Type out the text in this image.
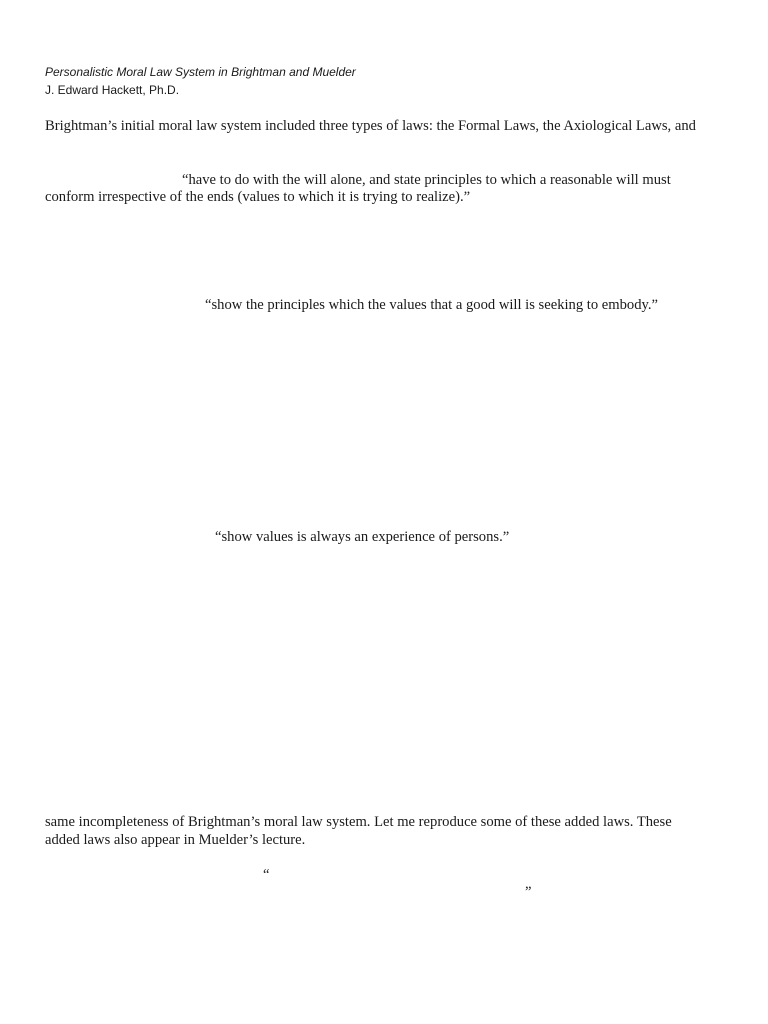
Personalistic Moral Law System in Brightman and Muelder
J. Edward Hackett, Ph.D.
Brightman’s initial moral law system included three types of laws: the Formal Laws, the Axiological Laws, and
“have to do with the will alone, and state principles to which a reasonable will must
conform irrespective of the ends (values to which it is trying to realize).”
“show the principles which the values that a good will is seeking to embody.”
“show values is always an experience of persons.”
same incompleteness of Brightman’s moral law system. Let me reproduce some of these added laws. These
added laws also appear in Muelder’s lecture.
“
”
